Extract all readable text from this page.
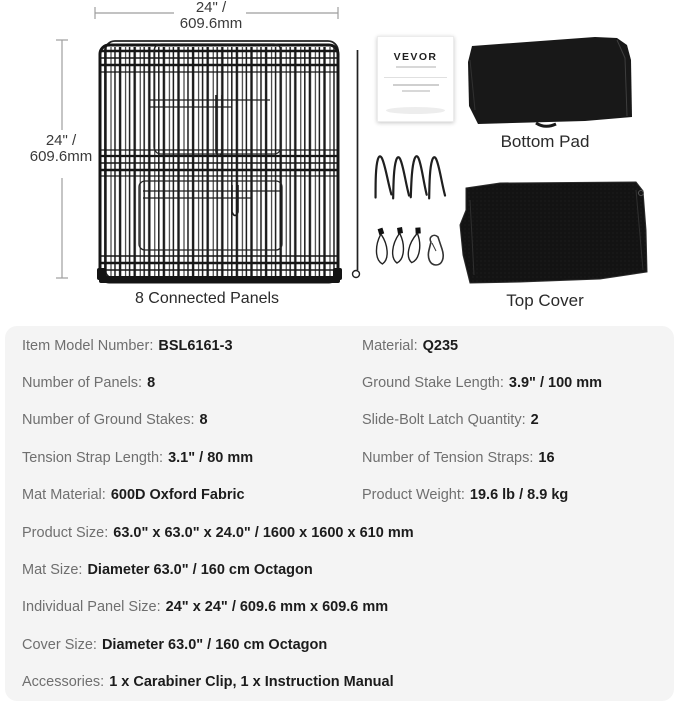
VEVOR
24" /
609.6mm
24" /
609.6mm
8 Connected Panels
Bottom Pad
Top Cover
Item Model Number: BSL6161-3	Material: Q235
Number of Panels: 8	Ground Stake Length: 3.9" / 100 mm
Number of Ground Stakes: 8	Slide-Bolt Latch Quantity: 2
Tension Strap Length: 3.1" / 80 mm	Number of Tension Straps: 16
Mat Material: 600D Oxford Fabric	Product Weight: 19.6 lb / 8.9 kg
Product Size: 63.0" x 63.0" x 24.0" / 1600 x 1600 x 610 mm
Mat Size: Diameter 63.0" / 160 cm Octagon
Individual Panel Size: 24" x 24" / 609.6 mm x 609.6 mm
Cover Size: Diameter 63.0" / 160 cm Octagon
Accessories: 1 x Carabiner Clip, 1 x Instruction Manual
